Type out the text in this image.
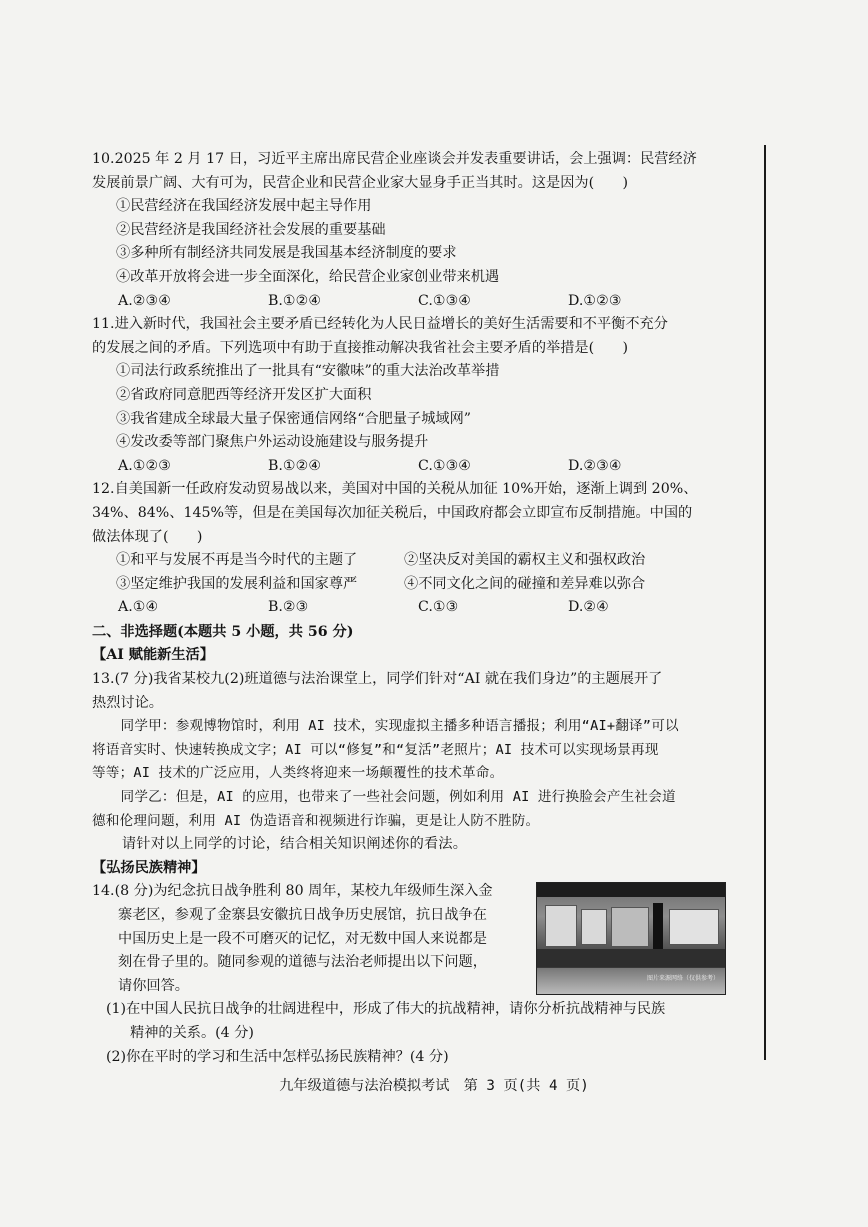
10.2025 年 2 月 17 日，习近平主席出席民营企业座谈会并发表重要讲话，会上强调：民营经济
发展前景广阔、大有可为，民营企业和民营企业家大显身手正当其时。这是因为(　　)
①民营经济在我国经济发展中起主导作用
②民营经济是我国经济社会发展的重要基础
③多种所有制经济共同发展是我国基本经济制度的要求
④改革开放将会进一步全面深化，给民营企业家创业带来机遇
A.②③④	B.①②④	C.①③④	D.①②③
11.进入新时代，我国社会主要矛盾已经转化为人民日益增长的美好生活需要和不平衡不充分
的发展之间的矛盾。下列选项中有助于直接推动解决我省社会主要矛盾的举措是(　　)
①司法行政系统推出了一批具有“安徽味”的重大法治改革举措
②省政府同意肥西等经济开发区扩大面积
③我省建成全球最大量子保密通信网络“合肥量子城域网”
④发改委等部门聚焦户外运动设施建设与服务提升
A.①②③	B.①②④	C.①③④	D.②③④
12.自美国新一任政府发动贸易战以来，美国对中国的关税从加征 10%开始，逐渐上调到 20%、
34%、84%、145%等，但是在美国每次加征关税后，中国政府都会立即宣布反制措施。中国的
做法体现了(　　)
①和平与发展不再是当今时代的主题了	②坚决反对美国的霸权主义和强权政治
③坚定维护我国的发展利益和国家尊严	④不同文化之间的碰撞和差异难以弥合
A.①④	B.②③	C.①③	D.②④
二、非选择题(本题共 5 小题，共 56 分)
【AI 赋能新生活】
13.(7 分)我省某校九(2)班道德与法治课堂上，同学们针对“AI 就在我们身边”的主题展开了
热烈讨论。
同学甲：参观博物馆时，利用 AI 技术，实现虚拟主播多种语言播报；利用“AI+翻译”可以
将语音实时、快速转换成文字；AI 可以“修复”和“复活”老照片；AI 技术可以实现场景再现
等等；AI 技术的广泛应用，人类终将迎来一场颠覆性的技术革命。
同学乙：但是，AI 的应用，也带来了一些社会问题，例如利用 AI 进行换脸会产生社会道
德和伦理问题，利用 AI 伪造语音和视频进行诈骗，更是让人防不胜防。
请针对以上同学的讨论，结合相关知识阐述你的看法。
【弘扬民族精神】
14.(8 分)为纪念抗日战争胜利 80 周年，某校九年级师生深入金
寨老区，参观了金寨县安徽抗日战争历史展馆，抗日战争在
中国历史上是一段不可磨灭的记忆，对无数中国人来说都是
刻在骨子里的。随同参观的道德与法治老师提出以下问题，
请你回答。	图片来源网络（仅供参考）
(1)在中国人民抗日战争的壮阔进程中，形成了伟大的抗战精神，请你分析抗战精神与民族
精神的关系。(4 分)
(2)你在平时的学习和生活中怎样弘扬民族精神？(4 分)
九年级道德与法治模拟考试　第 3 页(共 4 页)
